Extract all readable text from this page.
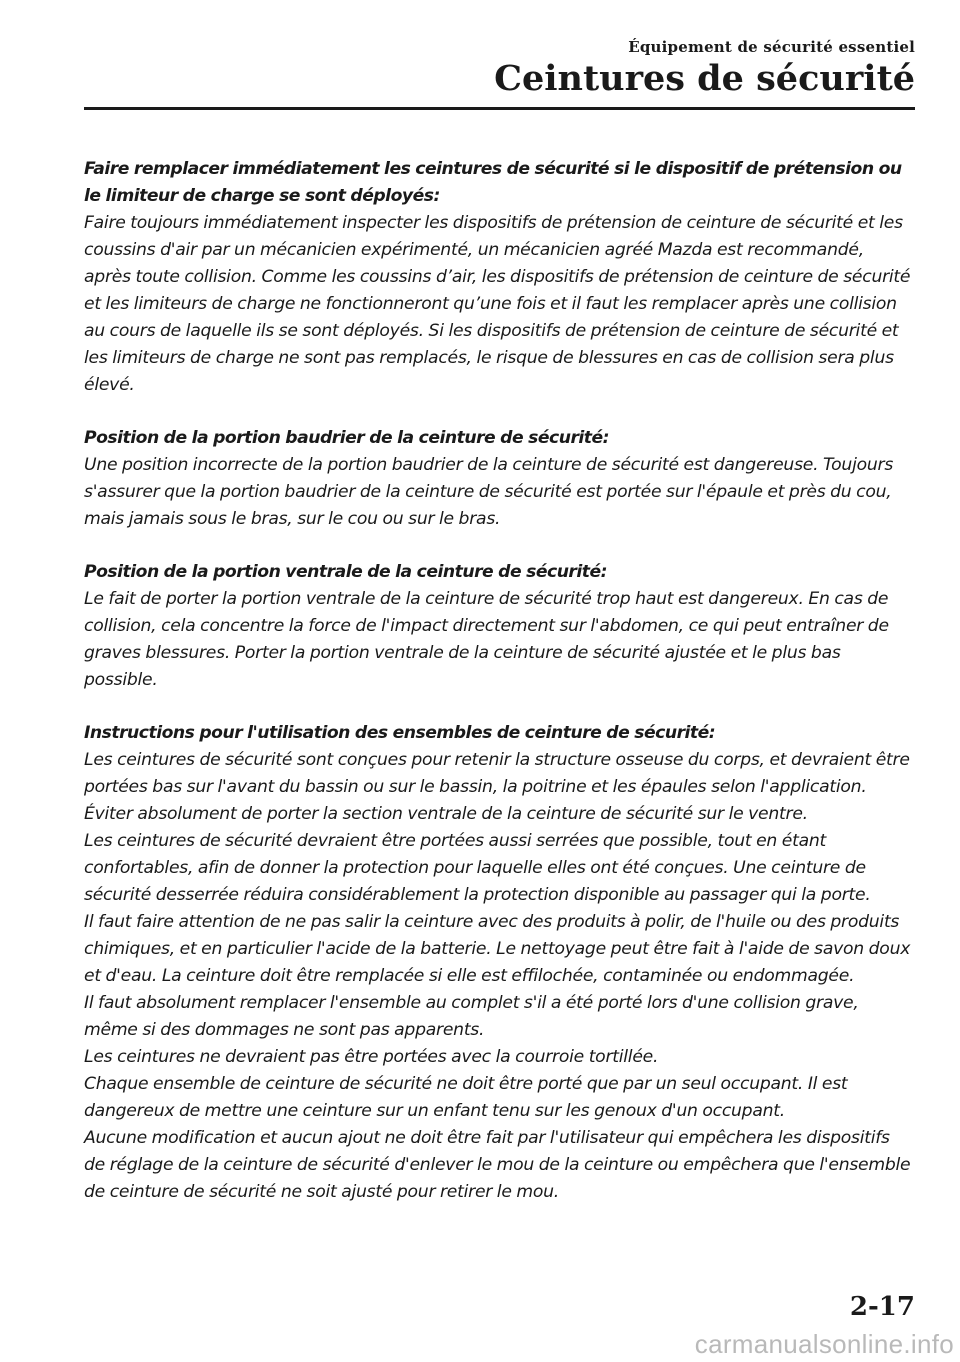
Équipement de sécurité essentiel
Ceintures de sécurité
Faire remplacer immédiatement les ceintures de sécurité si le dispositif de prétension ou le limiteur de charge se sont déployés:

Faire toujours immédiatement inspecter les dispositifs de prétension de ceinture de sécurité et les coussins d'air par un mécanicien expérimenté, un mécanicien agréé Mazda est recommandé, après toute collision. Comme les coussins d’air, les dispositifs de prétension de ceinture de sécurité et les limiteurs de charge ne fonctionneront qu’une fois et il faut les remplacer après une collision au cours de laquelle ils se sont déployés. Si les dispositifs de prétension de ceinture de sécurité et les limiteurs de charge ne sont pas remplacés, le risque de blessures en cas de collision sera plus élevé.

Position de la portion baudrier de la ceinture de sécurité:

Une position incorrecte de la portion baudrier de la ceinture de sécurité est dangereuse. Toujours s'assurer que la portion baudrier de la ceinture de sécurité est portée sur l'épaule et près du cou, mais jamais sous le bras, sur le cou ou sur le bras.

Position de la portion ventrale de la ceinture de sécurité:

Le fait de porter la portion ventrale de la ceinture de sécurité trop haut est dangereux. En cas de collision, cela concentre la force de l'impact directement sur l'abdomen, ce qui peut entraîner de graves blessures. Porter la portion ventrale de la ceinture de sécurité ajustée et le plus bas possible.

Instructions pour l'utilisation des ensembles de ceinture de sécurité:

Les ceintures de sécurité sont conçues pour retenir la structure osseuse du corps, et devraient être portées bas sur l'avant du bassin ou sur le bassin, la poitrine et les épaules selon l'application. Éviter absolument de porter la section ventrale de la ceinture de sécurité sur le ventre.

Les ceintures de sécurité devraient être portées aussi serrées que possible, tout en étant confortables, afin de donner la protection pour laquelle elles ont été conçues. Une ceinture de sécurité desserrée réduira considérablement la protection disponible au passager qui la porte.

Il faut faire attention de ne pas salir la ceinture avec des produits à polir, de l'huile ou des produits chimiques, et en particulier l'acide de la batterie. Le nettoyage peut être fait à l'aide de savon doux et d'eau. La ceinture doit être remplacée si elle est effilochée, contaminée ou endommagée.

Il faut absolument remplacer l'ensemble au complet s'il a été porté lors d'une collision grave, même si des dommages ne sont pas apparents.

Les ceintures ne devraient pas être portées avec la courroie tortillée.

Chaque ensemble de ceinture de sécurité ne doit être porté que par un seul occupant. Il est dangereux de mettre une ceinture sur un enfant tenu sur les genoux d'un occupant.

Aucune modification et aucun ajout ne doit être fait par l'utilisateur qui empêchera les dispositifs de réglage de la ceinture de sécurité d'enlever le mou de la ceinture ou empêchera que l'ensemble de ceinture de sécurité ne soit ajusté pour retirer le mou.

2-17
carmanualsonline.info
